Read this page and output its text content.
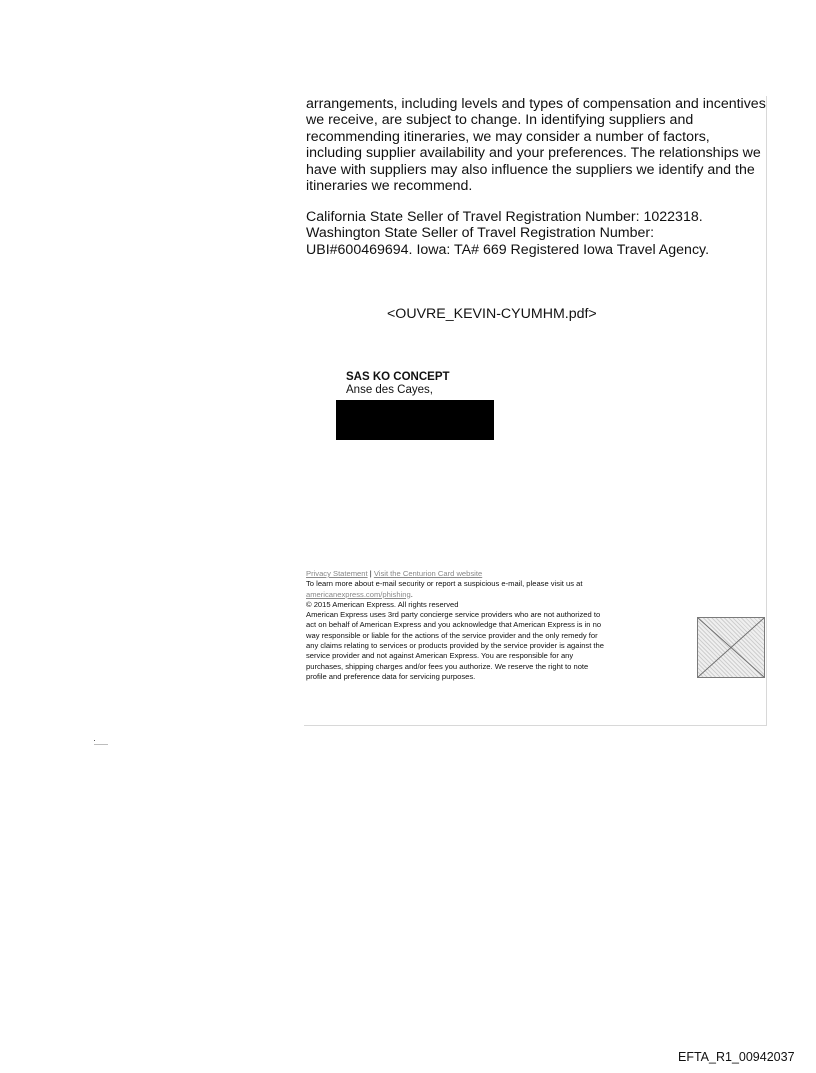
arrangements, including levels and types of compensation and incentives

we receive, are subject to change. In identifying suppliers and

recommending itineraries, we may consider a number of factors,

including supplier availability and your preferences. The relationships we

have with suppliers may also influence the suppliers we identify and the

itineraries we recommend.

California State Seller of Travel Registration Number: 1022318.
Washington State Seller of Travel Registration Number:
UBI#600469694. Iowa: TA# 669 Registered Iowa Travel Agency.
<OUVRE_KEVIN-CYUMHM.pdf>
SAS KO CONCEPT
Anse des Cayes,
Privacy Statement | Visit the Centurion Card website
To learn more about e-mail security or report a suspicious e-mail, please visit us at
americanexpress.com/phishing.
© 2015 American Express. All rights reserved
American Express uses 3rd party concierge service providers who are not authorized to
act on behalf of American Express and you acknowledge that American Express is in no
way responsible or liable for the actions of the service provider and the only remedy for
any claims relating to services or products provided by the service provider is against the
service provider and not against American Express. You are responsible for any
purchases, shipping charges and/or fees you authorize. We reserve the right to note
profile and preference data for servicing purposes.
EFTA_R1_00942037
